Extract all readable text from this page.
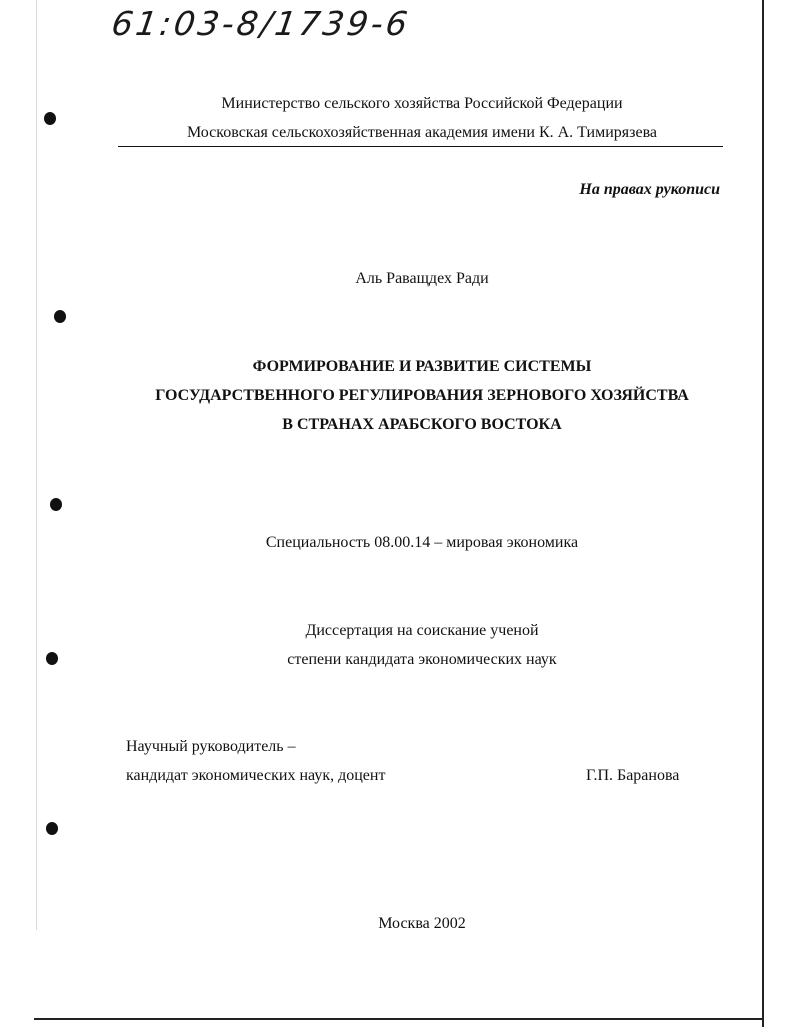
61:03-8/1739-6
Министерство сельского хозяйства Российской Федерации
Московская сельскохозяйственная академия имени К. А. Тимирязева
На правах рукописи
Аль Раващдех Ради
ФОРМИРОВАНИЕ И РАЗВИТИЕ СИСТЕМЫ
ГОСУДАРСТВЕННОГО РЕГУЛИРОВАНИЯ ЗЕРНОВОГО ХОЗЯЙСТВА
В СТРАНАХ АРАБСКОГО ВОСТОКА
Специальность 08.00.14 – мировая экономика
Диссертация на соискание ученой
степени кандидата экономических наук
Научный руководитель –
кандидат экономических наук, доцент	Г.П. Баранова
Москва 2002
